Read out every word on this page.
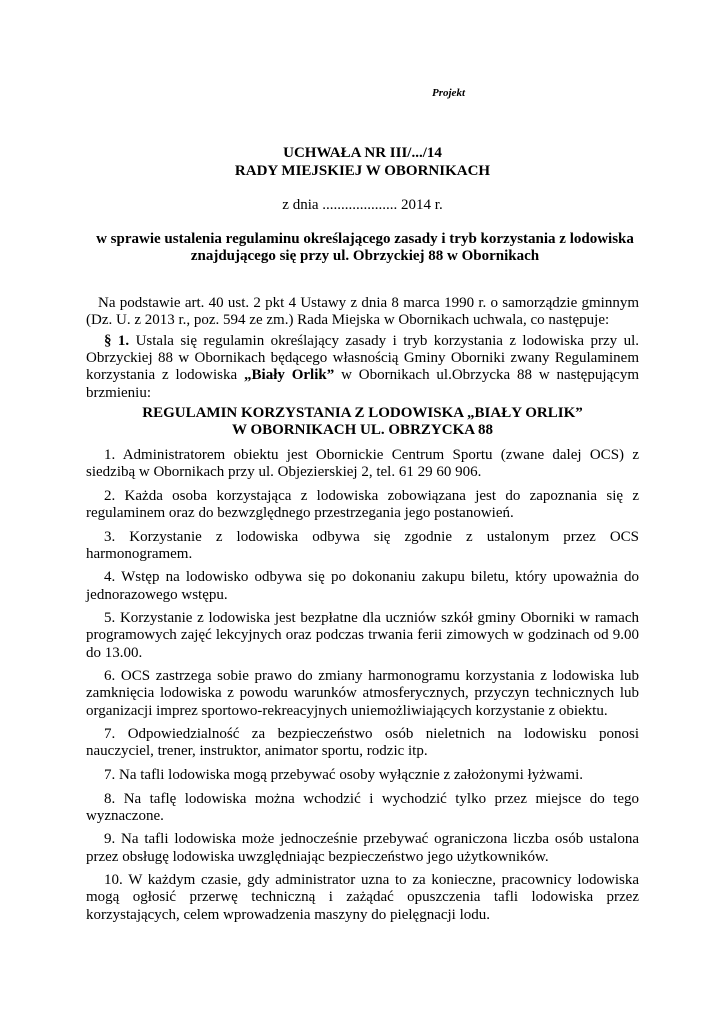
Projekt
UCHWAŁA NR III/.../14
RADY MIEJSKIEJ W OBORNIKACH
z dnia .................... 2014 r.
w sprawie ustalenia regulaminu określającego zasady i tryb korzystania z lodowiska znajdującego się przy ul. Obrzyckiej 88 w Obornikach
Na podstawie art. 40 ust. 2 pkt 4 Ustawy z dnia 8 marca 1990 r. o samorządzie gminnym (Dz. U. z 2013 r., poz. 594 ze zm.) Rada Miejska w Obornikach uchwala, co następuje:
§ 1. Ustala się regulamin określający zasady i tryb korzystania z lodowiska przy ul. Obrzyckiej 88 w Obornikach będącego własnością Gminy Oborniki zwany Regulaminem korzystania z lodowiska „Biały Orlik” w Obornikach ul.Obrzycka 88 w następującym brzmieniu:
REGULAMIN KORZYSTANIA Z LODOWISKA „BIAŁY ORLIK”
W OBORNIKACH UL. OBRZYCKA 88

1. Administratorem obiektu jest Obornickie Centrum Sportu (zwane dalej OCS) z siedzibą w Obornikach przy ul. Objezierskiej 2, tel. 61 29 60 906.

2. Każda osoba korzystająca z lodowiska zobowiązana jest do zapoznania się z regulaminem oraz do bezwzględnego przestrzegania jego postanowień.

3. Korzystanie z lodowiska odbywa się zgodnie z ustalonym przez OCS harmonogramem.

4. Wstęp na lodowisko odbywa się po dokonaniu zakupu biletu, który upoważnia do jednorazowego wstępu.

5. Korzystanie z lodowiska jest bezpłatne dla uczniów szkół gminy Oborniki w ramach programowych zajęć lekcyjnych oraz podczas trwania ferii zimowych w godzinach od 9.00 do 13.00.

6. OCS zastrzega sobie prawo do zmiany harmonogramu korzystania z lodowiska lub zamknięcia lodowiska z powodu warunków atmosferycznych, przyczyn technicznych lub organizacji imprez sportowo-rekreacyjnych uniemożliwiających korzystanie z obiektu.

7. Odpowiedzialność za bezpieczeństwo osób nieletnich na lodowisku ponosi nauczyciel, trener, instruktor, animator sportu, rodzic itp.

7. Na tafli lodowiska mogą przebywać osoby wyłącznie z założonymi łyżwami.

8. Na taflę lodowiska można wchodzić i wychodzić tylko przez miejsce do tego wyznaczone.

9. Na tafli lodowiska może jednocześnie przebywać ograniczona liczba osób ustalona przez obsługę lodowiska uwzględniając bezpieczeństwo jego użytkowników.

10. W każdym czasie, gdy administrator uzna to za konieczne, pracownicy lodowiska mogą ogłosić przerwę techniczną i zażądać opuszczenia tafli lodowiska przez korzystających, celem wprowadzenia maszyny do pielęgnacji lodu.
